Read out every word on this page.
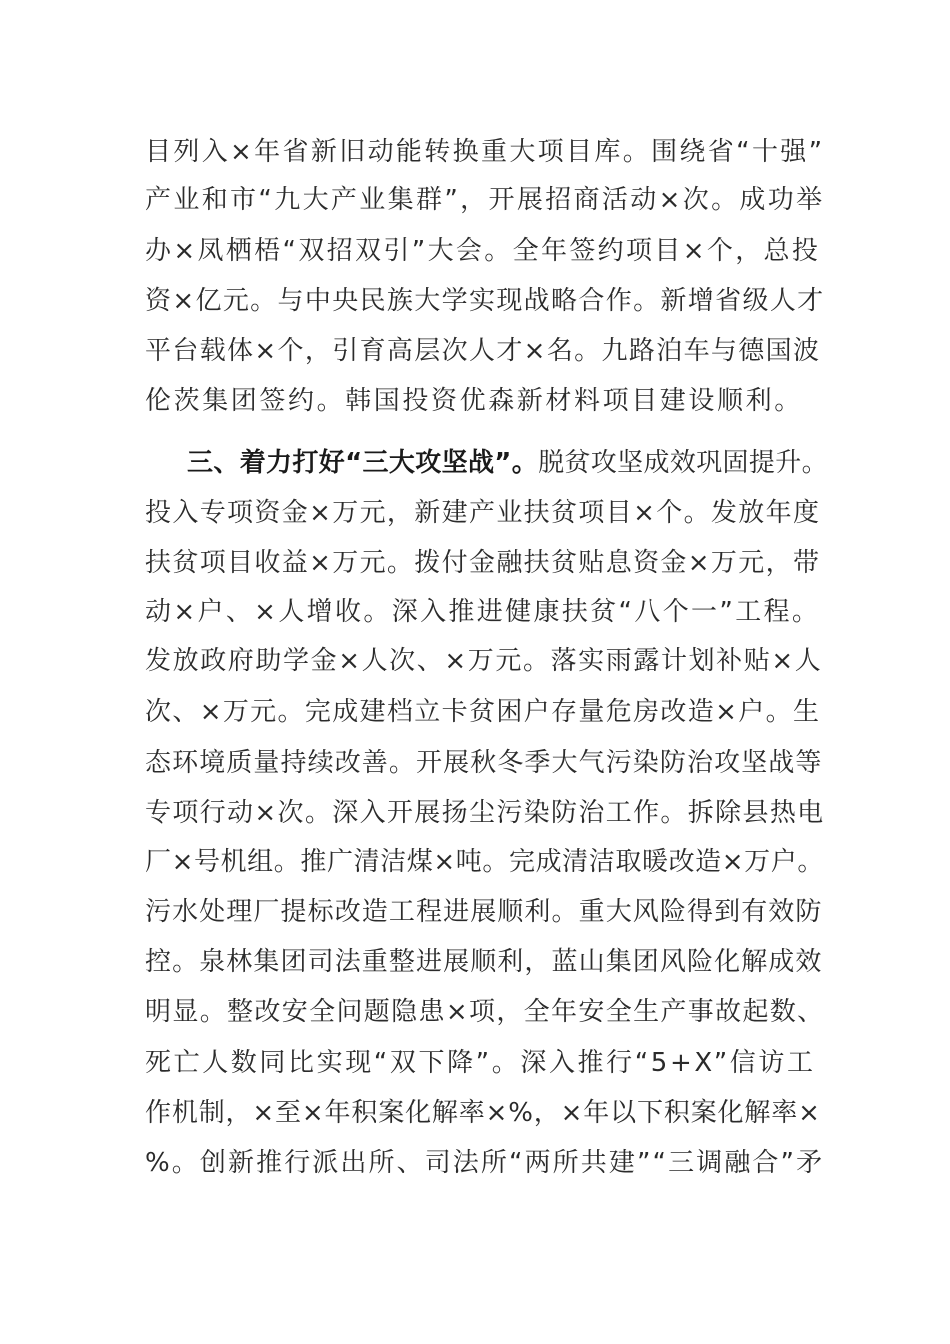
目列入×年省新旧动能转换重大项目库。围绕省“十强”
产业和市“九大产业集群”，开展招商活动×次。成功举
办×凤栖梧“双招双引”大会。全年签约项目×个，总投
资×亿元。与中央民族大学实现战略合作。新增省级人才
平台载体×个，引育高层次人才×名。九路泊车与德国波
伦茨集团签约。韩国投资优森新材料项目建设顺利。
三、着力打好“三大攻坚战”。脱贫攻坚成效巩固提升。
投入专项资金×万元，新建产业扶贫项目×个。发放年度
扶贫项目收益×万元。拨付金融扶贫贴息资金×万元，带
动×户、×人增收。深入推进健康扶贫“八个一”工程。
发放政府助学金×人次、×万元。落实雨露计划补贴×人
次、×万元。完成建档立卡贫困户存量危房改造×户。生
态环境质量持续改善。开展秋冬季大气污染防治攻坚战等
专项行动×次。深入开展扬尘污染防治工作。拆除县热电
厂×号机组。推广清洁煤×吨。完成清洁取暖改造×万户。
污水处理厂提标改造工程进展顺利。重大风险得到有效防
控。泉林集团司法重整进展顺利，蓝山集团风险化解成效
明显。整改安全问题隐患×项，全年安全生产事故起数、
死亡人数同比实现“双下降”。深入推行“5+X”信访工
作机制，×至×年积案化解率×%，×年以下积案化解率×
%。创新推行派出所、司法所“两所共建”“三调融合”矛
